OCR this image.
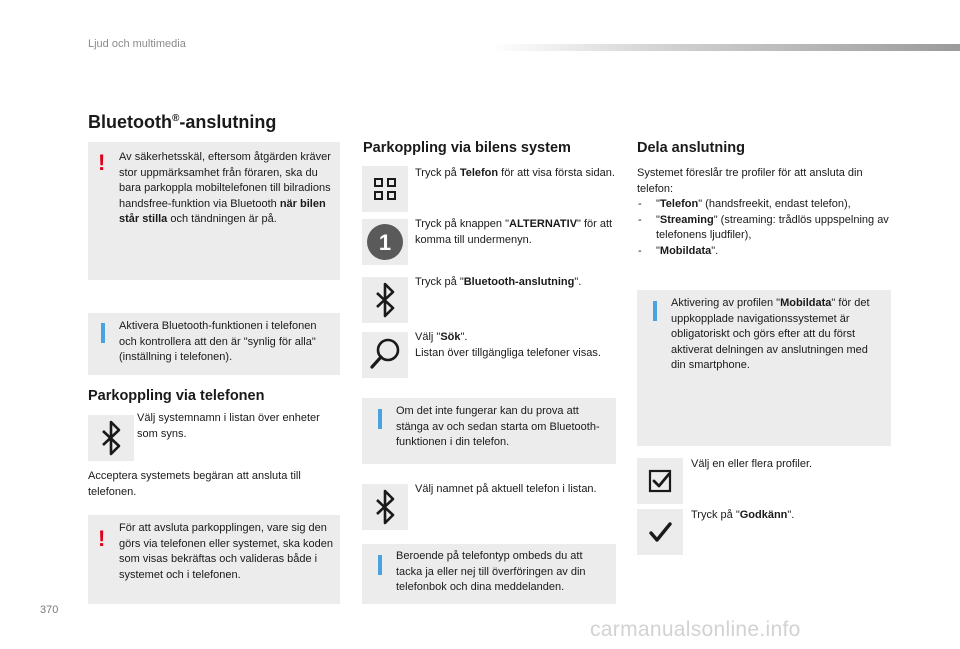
Ljud och multimedia
Bluetooth®-anslutning
! Av säkerhetsskäl, eftersom åtgärden kräver stor uppmärksamhet från föraren, ska du bara parkoppla mobiltelefonen till bilradions handsfree-funktion via Bluetooth när bilen står stilla och tändningen är på.
Aktivera Bluetooth-funktionen i telefonen och kontrollera att den är "synlig för alla" (inställning i telefonen).
Parkoppling via telefonen
Välj systemnamn i listan över enheter som syns.
Acceptera systemets begäran att ansluta till telefonen.
! För att avsluta parkopplingen, vare sig den görs via telefonen eller systemet, ska koden som visas bekräftas och valideras både i systemet och i telefonen.
Parkoppling via bilens system
Tryck på Telefon för att visa första sidan.
1
Tryck på knappen "ALTERNATIV" för att komma till undermenyn.
Tryck på "Bluetooth-anslutning".
Välj "Sök".
Listan över tillgängliga telefoner visas.
Om det inte fungerar kan du prova att stänga av och sedan starta om Bluetooth-funktionen i din telefon.
Välj namnet på aktuell telefon i listan.
Beroende på telefontyp ombeds du att tacka ja eller nej till överföringen av din telefonbok och dina meddelanden.
Dela anslutning
Systemet föreslår tre profiler för att ansluta din telefon:
- "Telefon" (handsfreekit, endast telefon),
- "Streaming" (streaming: trådlös uppspelning av telefonens ljudfiler),
- "Mobildata".
Aktivering av profilen "Mobildata" för det uppkopplade navigationssystemet är obligatoriskt och görs efter att du först aktiverat delningen av anslutningen med din smartphone.
Välj en eller flera profiler.
Tryck på "Godkänn".
370
carmanualsonline.info
